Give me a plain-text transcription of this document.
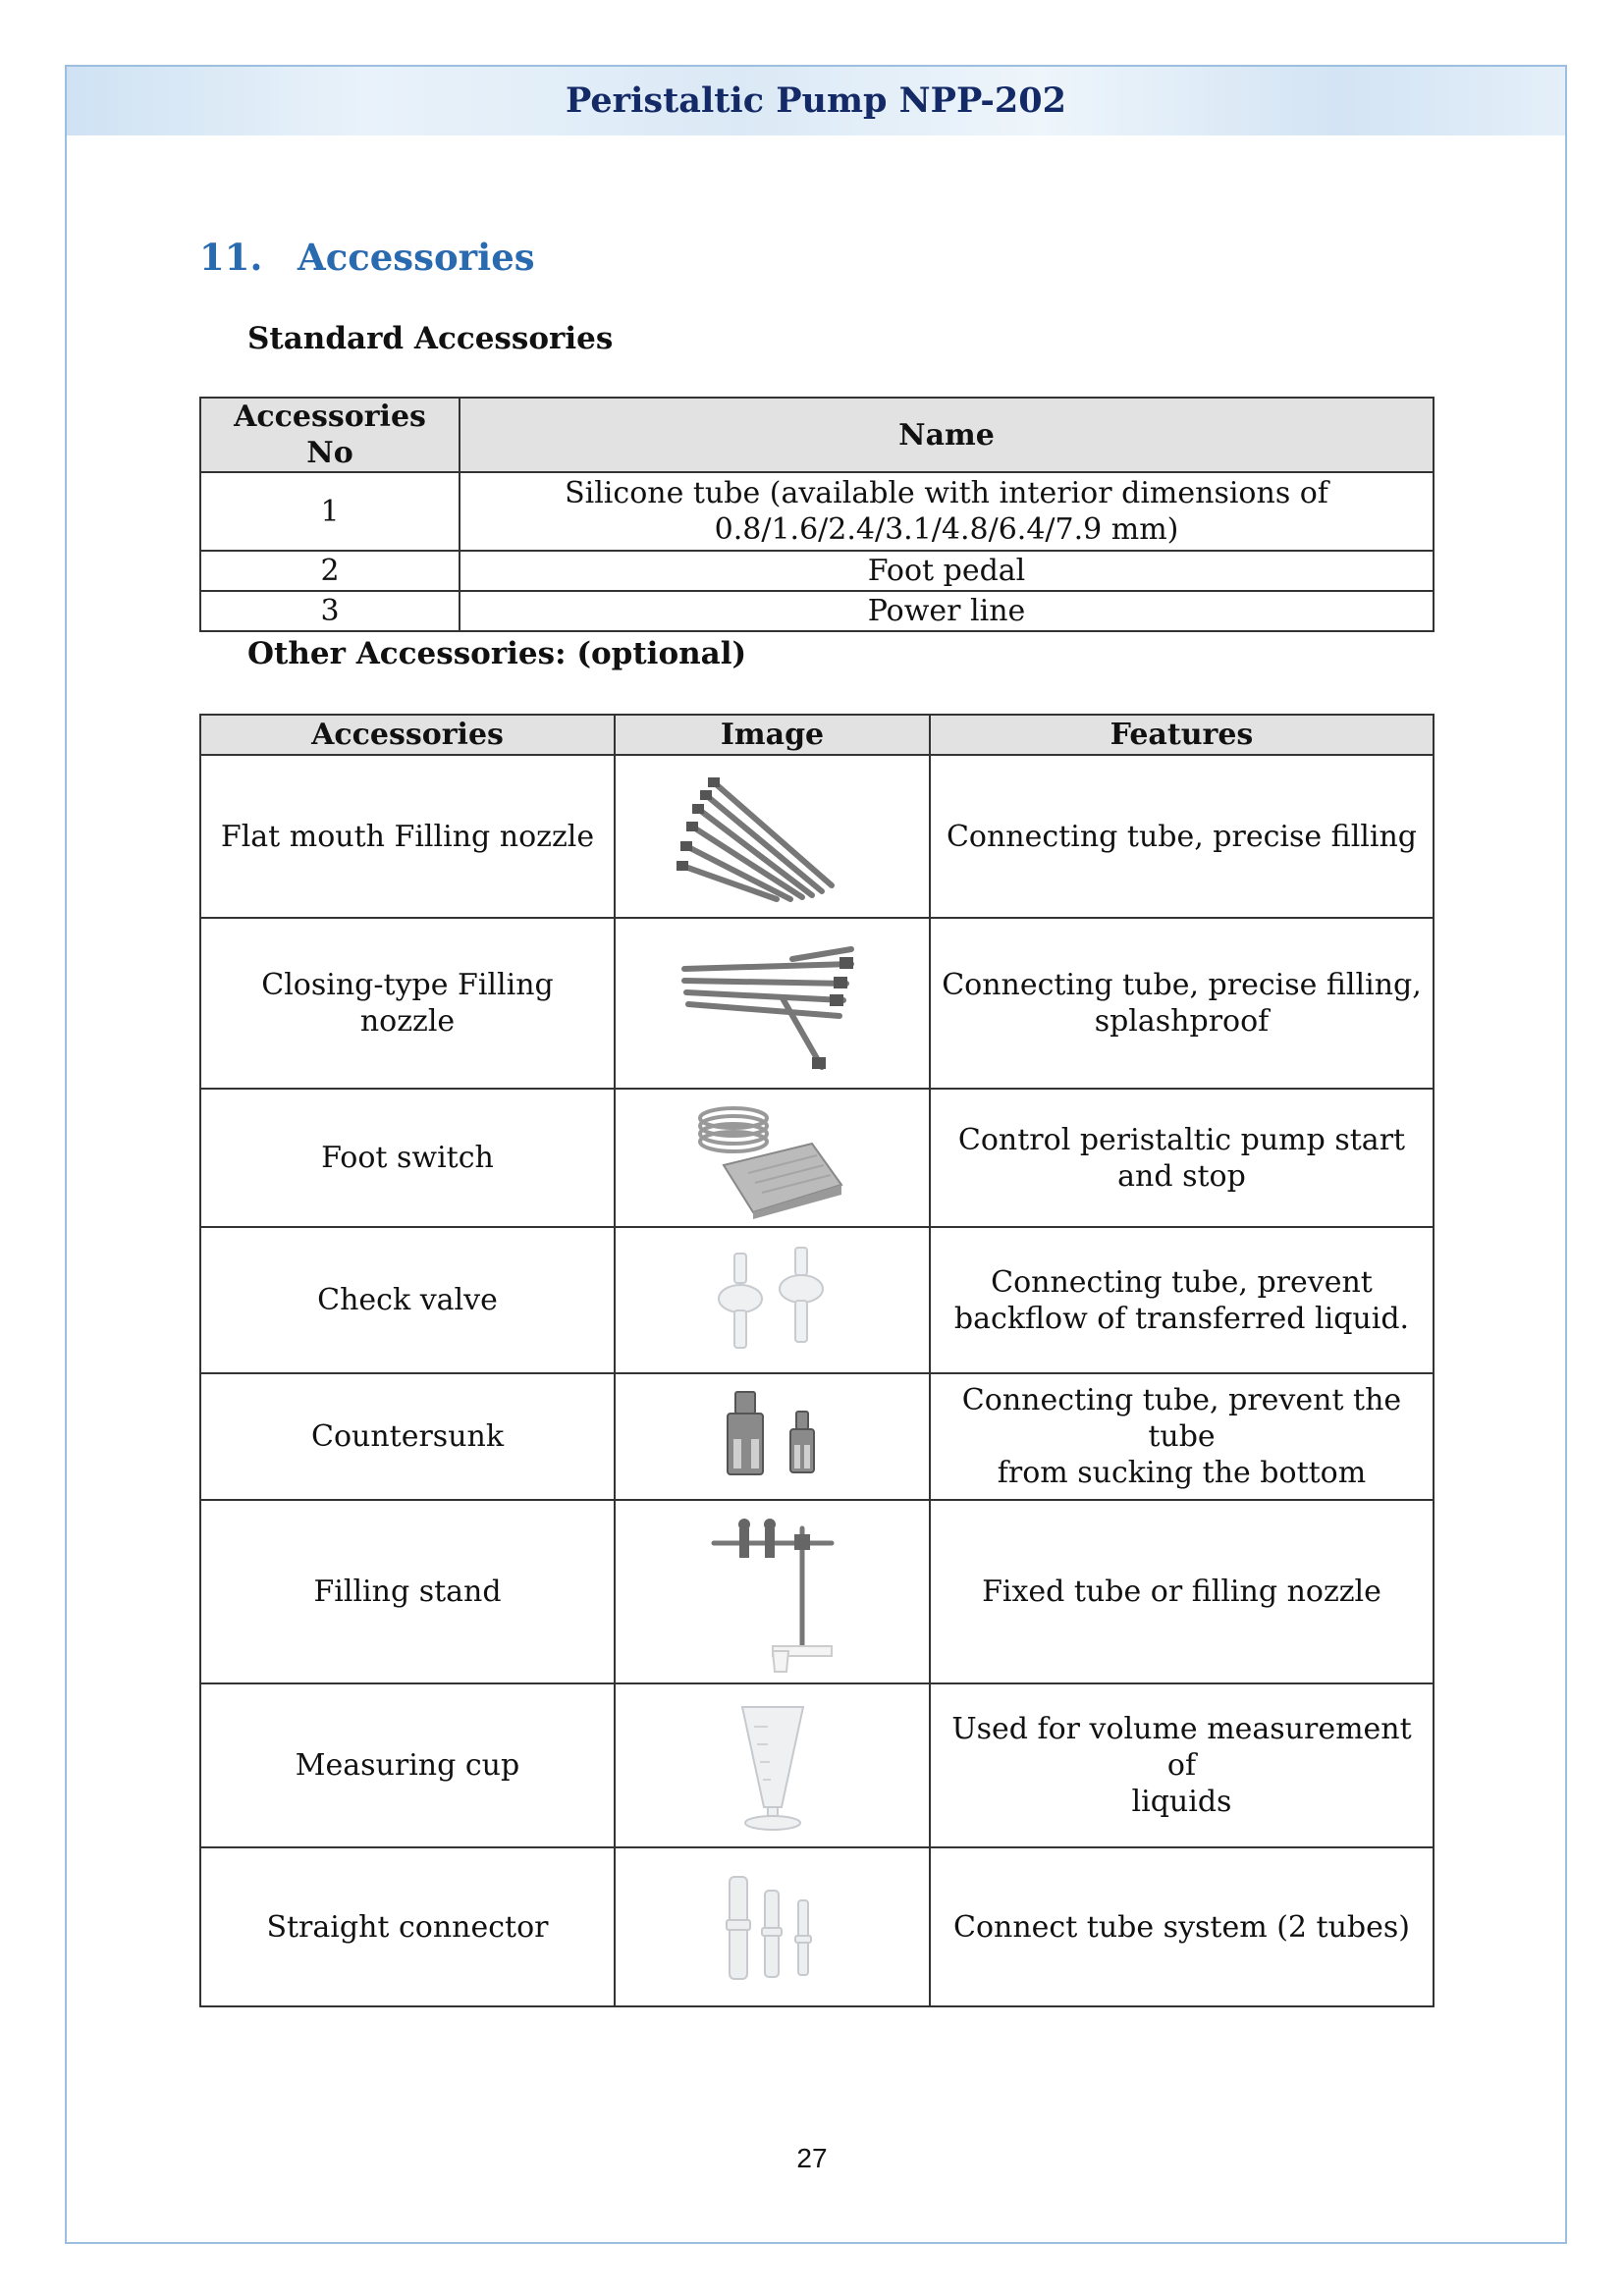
Peristaltic Pump NPP-202
11. Accessories
Standard Accessories
Accessories No	Name
1	Silicone tube (available with interior dimensions of
0.8/1.6/2.4/3.1/4.8/6.4/7.9 mm)

2	Foot pedal
3	Power line
Other Accessories: (optional)
Accessories	Image	Features
Flat mouth Filling nozzle		Connecting tube, precise filling

Closing-type Filling nozzle		Connecting tube, precise filling,
splashproof

Foot switch		Control peristaltic pump start
and stop

Check valve		Connecting tube, prevent
backflow of transferred liquid.

Countersunk		Connecting tube, prevent the tube
from sucking the bottom

Filling stand		Fixed tube or filling nozzle

Measuring cup		Used for volume measurement of
liquids

Straight connector		Connect tube system (2 tubes)
27
